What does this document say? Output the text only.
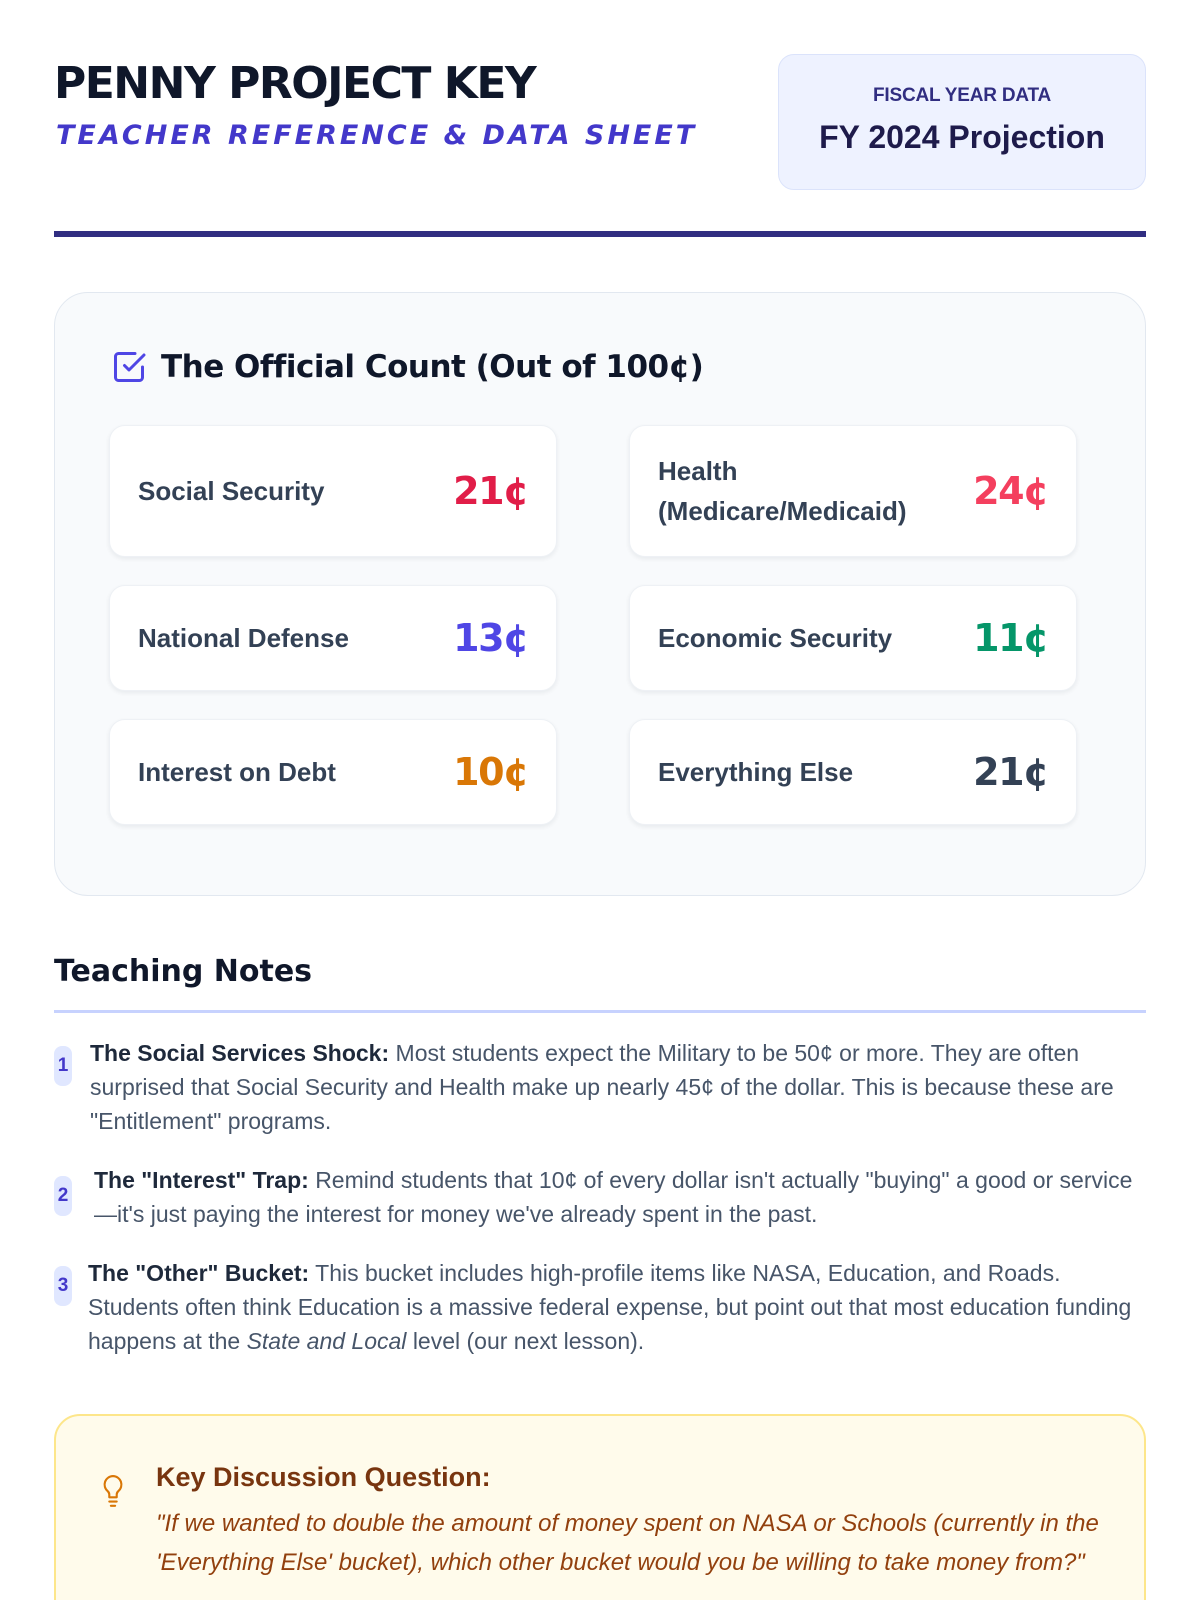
PENNY PROJECT KEY
TEACHER REFERENCE & DATA SHEET
FISCAL YEAR DATA
FY 2024 Projection
The Official Count (Out of 100¢)
Social Security	21¢	Health (Medicare/Medicaid)	24¢
National Defense	13¢	Economic Security 11¢
Interest on Debt	10¢	Everything Else	21¢
Teaching Notes
1 The Social Services Shock: Most students expect the Military to be 50¢ or more. They are often surprised that Social Security and Health make up nearly 45¢ of the dollar. This is because these are "Entitlement" programs.

2

The "Interest" Trap: Remind students that 10¢ of every dollar isn't actually "buying" a good or service—it's just paying the interest for money we've already spent in the past.

3 The "Other" Bucket: This bucket includes high-profile items like NASA, Education, and Roads. Students often think Education is a massive federal expense, but point out that most education funding happens at the State and Local level (our next lesson).

Key Discussion Question:

"If we wanted to double the amount of money spent on NASA or Schools (currently in the 'Everything Else' bucket), which other bucket would you be willing to take money from?"
